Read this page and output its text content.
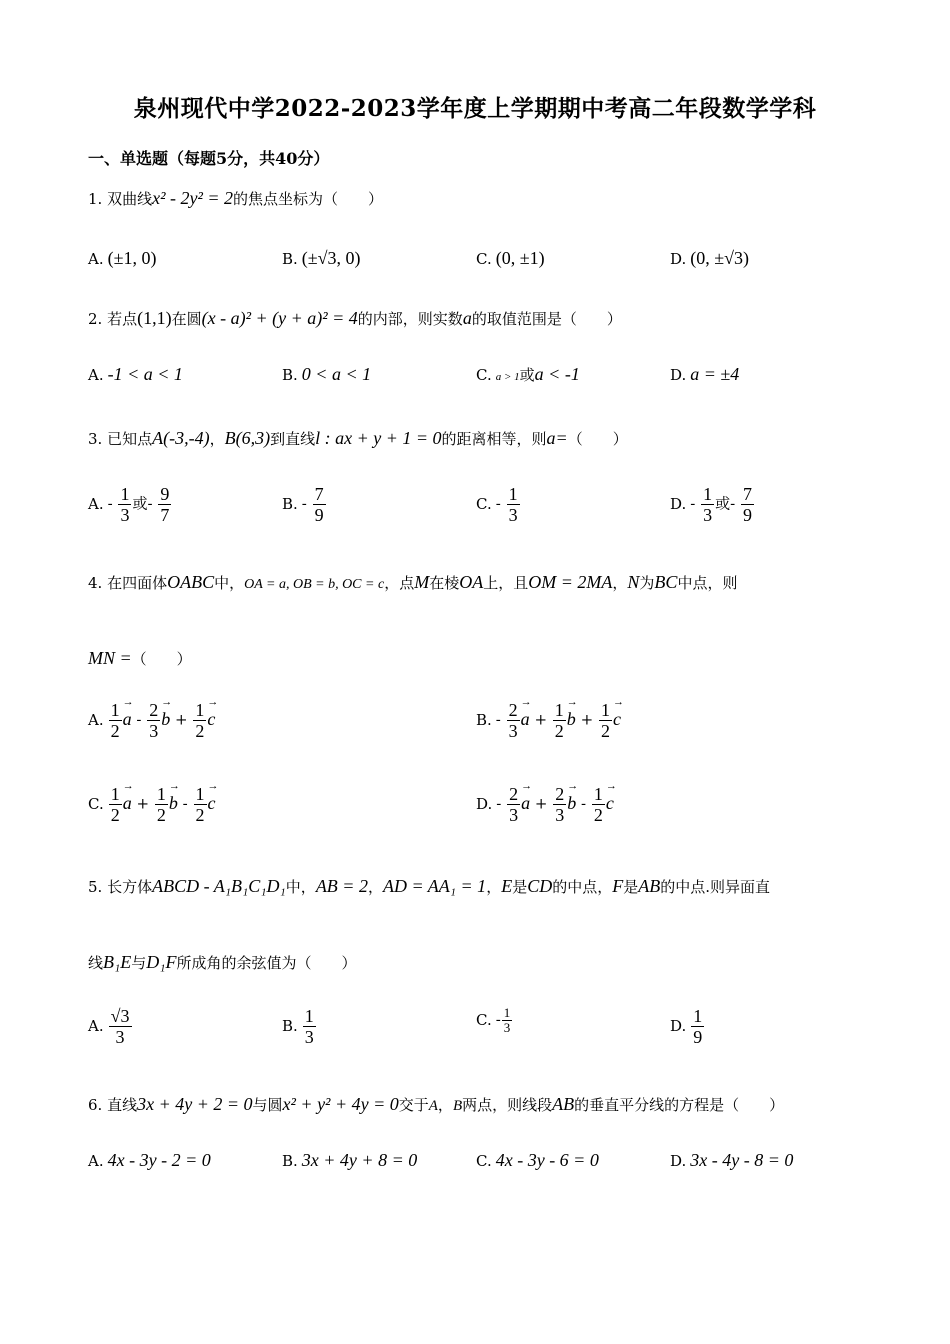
泉州现代中学2022-2023学年度上学期期中考高二年段数学学科
一、单选题（每题5分，共40分）
1. 双曲线x² - 2y² = 2的焦点坐标为（　　）
A. (±1, 0)	B. (±√3, 0)	C. (0, ±1)	D. (0, ±√3)
2. 若点(1,1)在圆(x - a)² + (y + a)² = 4的内部，则实数a的取值范围是（　　）
A. -1 < a < 1	B. 0 < a < 1	C. a > 1或a < -1	D. a = ±4
3. 已知点A(-3,-4)，B(6,3)到直线l : ax + y + 1 = 0的距离相等，则a=（　　）
A. - $\frac{1}{3}$ 或- $\frac{9}{7}$	B. - $\frac{7}{9}$	C. - $\frac{1}{3}$	D. - $\frac{1}{3}$ 或- $\frac{7}{9}$
4. 在四面体OABC中，OA = a, OB = b, OC = c，点M在棱OA上，且OM = 2MA，N为BC中点，则
MN =（　　）
A. $\frac{1}{2}$
→ a - $\frac{2}{3}$
→ $b + \frac{1}{2}$
→ c	B. - $\frac{2}{3}$
→ $a + \frac{1}{2}$
→ $b + \frac{1}{2}$
→ c
C. $\frac{1}{2}$
→ $a + \frac{1}{2}$
→ b - $\frac{1}{2}$
→ c	D. - $\frac{2}{3}$
→ $a + \frac{2}{3}$
→ b - $\frac{1}{2}$
→ c
5. 长方体ABCD - A₁B₁C₁D₁中，AB = 2，AD = AA₁ = 1，E是CD的中点，F是AB的中点.则异面直
线B₁E与D₁F所成角的余弦值为（　　）
A. $\frac{√3}{3}$	B. $\frac{1}{3}$	C. - $\frac{1}{3}$	D. $\frac{1}{9}$
6. 直线3x + 4y + 2 = 0与圆x² + y² + 4y = 0交于A，B两点，则线段AB的垂直平分线的方程是（　　）
A. 4x - 3y - 2 = 0	B. 3x + 4y + 8 = 0	C. 4x - 3y - 6 = 0	D. 3x - 4y - 8 = 0
